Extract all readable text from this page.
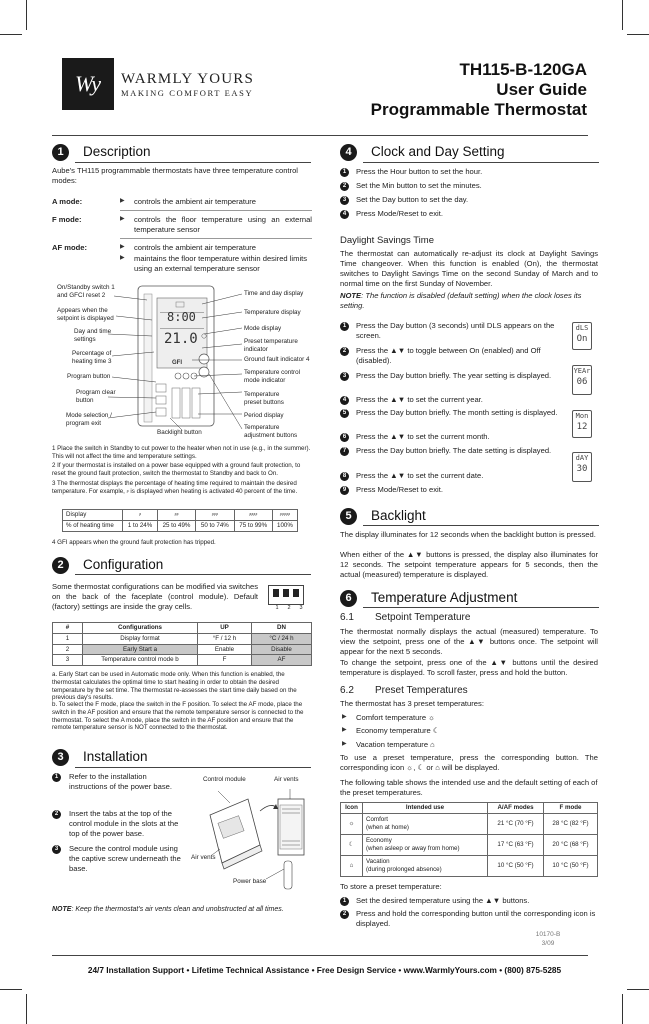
Wy WARMLY YOURS
MAKING COMFORT EASY
TH115-B-120GA
User Guide
Programmable Thermostat
1	Description
Aube's TH115 programmable thermostats have three temperature control modes:
A mode:	▶ controls the ambient air temperature
F mode:	▶ controls the floor temperature using an external temperature sensor
AF mode:	▶ controls the ambient air temperature
▶ maintains the floor temperature within desired limits using an external temperature sensor
8:00
21.0
GFI
On/Standby switch 1 and GFCI reset 2
Appears when the setpoint is displayed
Day and time settings
Percentage of heating time 3
Program button
Program clear button
Mode selection / program exit
Time and day display
Temperature display
Mode display
Preset temperature indicator
Ground fault indicator 4
Temperature control mode indicator
Temperature preset buttons
Period display
Temperature adjustment buttons
Backlight button
1 Place the switch in Standby to cut power to the heater when not in use (e.g., in the summer). This will not affect the time and temperature settings.
2 If your thermostat is installed on a power base equipped with a ground fault protection, to reset the ground fault protection, switch the thermostat to Standby and back to On.
3 The thermostat displays the percentage of heating time required to maintain the desired temperature. For example, ⸗ is displayed when heating is activated 40 percent of the time.
Display	⸗	⸗⸗	⸗⸗⸗	⸗⸗⸗⸗	⸗⸗⸗⸗⸗
% of heating time	1 to 24%	25 to 49%	50 to 74%	75 to 99%	100%
4 GFI appears when the ground fault protection has tripped.
2	Configuration
Some thermostat configurations can be modified via switches on the back of the faceplate (control module). Default (factory) settings are inside the gray cells.	1 2 3
#	Configurations	UP	DN
1	Display format	°F / 12 h	°C / 24 h
2	Early Start a	Enable	Disable
3	Temperature control mode b	F	AF
a. Early Start can be used in Automatic mode only. When this function is enabled, the thermostat calculates the optimal time to start heating in order to obtain the desired temperature by the set time. The thermostat re-assesses the start time daily based on the previous day's results.
b. To select the F mode, place the switch in the F position. To select the AF mode, place the switch in the AF position and ensure that the remote temperature sensor is connected to the thermostat. To select the A mode, place the switch in the AF position and ensure that the remote temperature sensor is NOT connected to the thermostat.
3	Installation
1	Refer to the installation instructions of the power base.
2	Insert the tabs at the top of the control module in the slots at the top of the power base.
3	Secure the control module using the captive screw underneath the base.
Control module	Air vents
Air vents
Power base
NOTE: Keep the thermostat's air vents clean and unobstructed at all times.
4	Clock and Day Setting
1	Press the Hour button to set the hour.
2	Set the Min button to set the minutes.
3	Set the Day button to set the day.
4	Press Mode/Reset to exit.
Daylight Savings Time
The thermostat can automatically re-adjust its clock at Daylight Savings Time changeover. When this function is enabled (On), the thermostat switches to Daylight Savings Time on the second Sunday of March and to normal time on the first Sunday of November.
NOTE: The function is disabled (default setting) when the clock loses its setting.
1	Press the Day button (3 seconds) until DLS appears on the screen.
2	Press the ▲▼ to toggle between On (enabled) and Off (disabled).
3	Press the Day button briefly. The year setting is displayed.
4	Press the ▲▼ to set the current year.
5	Press the Day button briefly. The month setting is displayed.
6	Press the ▲▼ to set the current month.
7	Press the Day button briefly. The date setting is displayed.
8	Press the ▲▼ to set the current date.
9	Press Mode/Reset to exit.
dLS
On
YEAr
06
Mon
12
dAY
30
5	Backlight
The display illuminates for 12 seconds when the backlight button is pressed.
When either of the ▲▼ buttons is pressed, the display also illuminates for 12 seconds. The setpoint temperature appears for 5 seconds, then the actual (measured) temperature is displayed.
6	Temperature Adjustment
6.1 Setpoint Temperature
The thermostat normally displays the actual (measured) temperature. To view the setpoint, press one of the ▲▼ buttons once. The setpoint will appear for the next 5 seconds.
To change the setpoint, press one of the ▲▼ buttons until the desired temperature is displayed. To scroll faster, press and hold the button.
6.2 Preset Temperatures
The thermostat has 3 preset temperatures:
▶ Comfort temperature ☼
▶ Economy temperature ☾
▶ Vacation temperature ⌂
To use a preset temperature, press the corresponding button. The corresponding icon ☼, ☾ or ⌂ will be displayed.
The following table shows the intended use and the default setting of each of the preset temperatures.
Icon	Intended use	A/AF modes	F mode
☼	Comfort
(when at home)	21 °C (70 °F)	28 °C (82 °F)
☾	Economy
(when asleep or away from home)	17 °C (63 °F)	20 °C (68 °F)
⌂	Vacation
(during prolonged absence)	10 °C (50 °F)	10 °C (50 °F)
To store a preset temperature:
1	Set the desired temperature using the ▲▼ buttons.
2	Press and hold the corresponding button until the corresponding icon is displayed.
10170-B
3/09
24/7 Installation Support • Lifetime Technical Assistance • Free Design Service • www.WarmlyYours.com • (800) 875-5285
